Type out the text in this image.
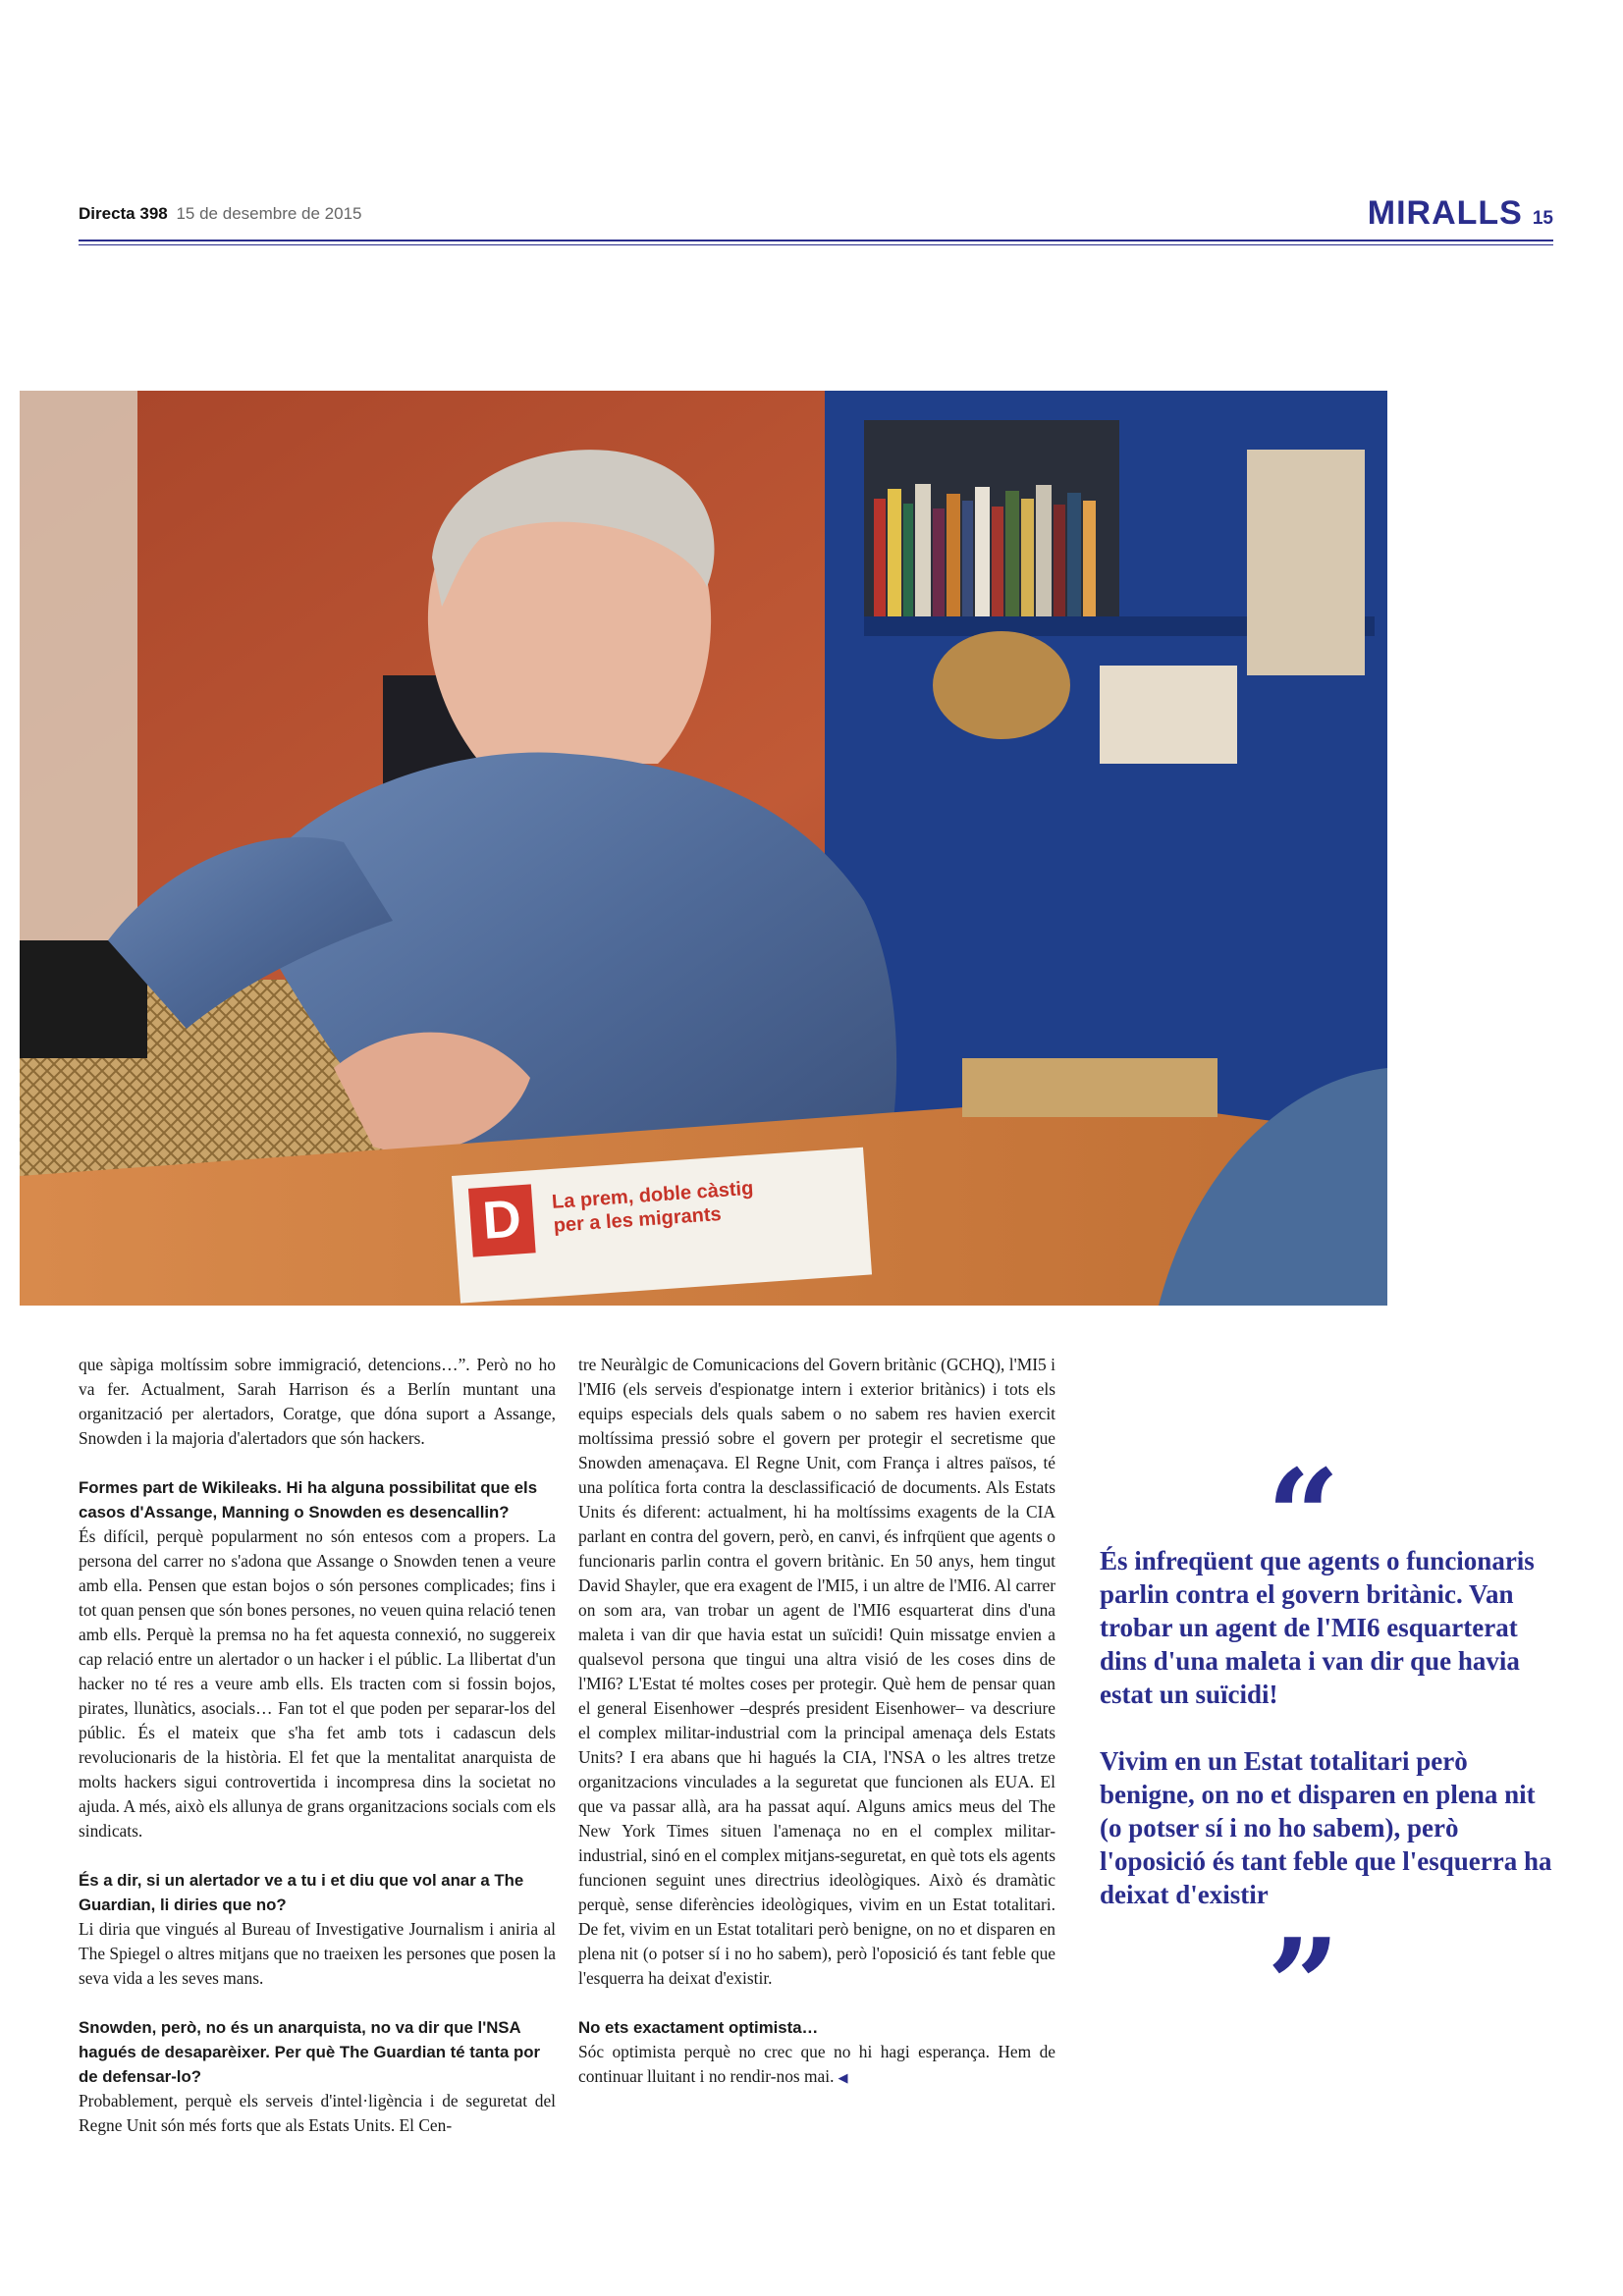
Directa 398 15 de desembre de 2015	MIRALLS 15
D La prem, doble càstig
per a les migrants

que sàpiga moltíssim sobre immigració, detencions…”. Però no ho va fer. Actualment, Sarah Harrison és a Berlín muntant una organització per alertadors, Coratge, que dóna suport a Assange, Snowden i la majoria d'alertadors que són hackers.

Formes part de Wikileaks. Hi ha alguna possibilitat que els casos d'Assange, Manning o Snowden es desencallin?

És difícil, perquè popularment no són entesos com a propers. La persona del carrer no s'adona que Assange o Snowden tenen a veure amb ella. Pensen que estan bojos o són persones complicades; fins i tot quan pensen que són bones persones, no veuen quina relació tenen amb ells. Perquè la premsa no ha fet aquesta connexió, no suggereix cap relació entre un alertador o un hacker i el públic. La llibertat d'un hacker no té res a veure amb ells. Els tracten com si fossin bojos, pirates, llunàtics, asocials… Fan tot el que poden per separar-los del públic. És el mateix que s'ha fet amb tots i cadascun dels revolucionaris de la història. El fet que la mentalitat anarquista de molts hackers sigui controvertida i incompresa dins la societat no ajuda. A més, això els allunya de grans organitzacions socials com els sindicats.

És a dir, si un alertador ve a tu i et diu que vol anar a The Guardian, li diries que no?

Li diria que vingués al Bureau of Investigative Journalism i aniria al The Spiegel o altres mitjans que no traeixen les persones que posen la seva vida a les seves mans.

Snowden, però, no és un anarquista, no va dir que l'NSA hagués de desaparèixer. Per què The Guardian té tanta por de defensar-lo?

Probablement, perquè els serveis d'intel·ligència i de seguretat del Regne Unit són més forts que als Estats Units. El Cen-

tre Neuràlgic de Comunicacions del Govern britànic (GCHQ), l'MI5 i l'MI6 (els serveis d'espionatge intern i exterior britànics) i tots els equips especials dels quals sabem o no sabem res havien exercit moltíssima pressió sobre el govern per protegir el secretisme que Snowden amenaçava. El Regne Unit, com França i altres països, té una política forta contra la desclassificació de documents. Als Estats Units és diferent: actualment, hi ha moltíssims exagents de la CIA parlant en contra del govern, però, en canvi, és infrqüent que agents o funcionaris parlin contra el govern britànic. En 50 anys, hem tingut David Shayler, que era exagent de l'MI5, i un altre de l'MI6. Al carrer on som ara, van trobar un agent de l'MI6 esquarterat dins d'una maleta i van dir que havia estat un suïcidi! Quin missatge envien a qualsevol persona que tingui una altra visió de les coses dins de l'MI6? L'Estat té moltes coses per protegir. Què hem de pensar quan el general Eisenhower –després president Eisenhower– va descriure el complex militar-industrial com la principal amenaça dels Estats Units? I era abans que hi hagués la CIA, l'NSA o les altres tretze organitzacions vinculades a la seguretat que funcionen als EUA. El que va passar allà, ara ha passat aquí. Alguns amics meus del The New York Times situen l'amenaça no en el complex militar-industrial, sinó en el complex mitjans-seguretat, en què tots els agents funcionen seguint unes directrius ideològiques. Això és dramàtic perquè, sense diferències ideològiques, vivim en un Estat totalitari. De fet, vivim en un Estat totalitari però benigne, on no et disparen en plena nit (o potser sí i no ho sabem), però l'oposició és tant feble que l'esquerra ha deixat d'existir.

No ets exactament optimista…

Sóc optimista perquè no crec que no hi hagi esperança. Hem de continuar lluitant i no rendir-nos mai. ◀

“

És infreqüent que agents o funcionaris parlin contra el govern britànic. Van trobar un agent de l'MI6 esquarterat dins d'una maleta i van dir que havia estat un suïcidi!

Vivim en un Estat totalitari però benigne, on no et disparen en plena nit (o potser sí i no ho sabem), però l'oposició és tant feble que l'esquerra ha deixat d'existir

”
